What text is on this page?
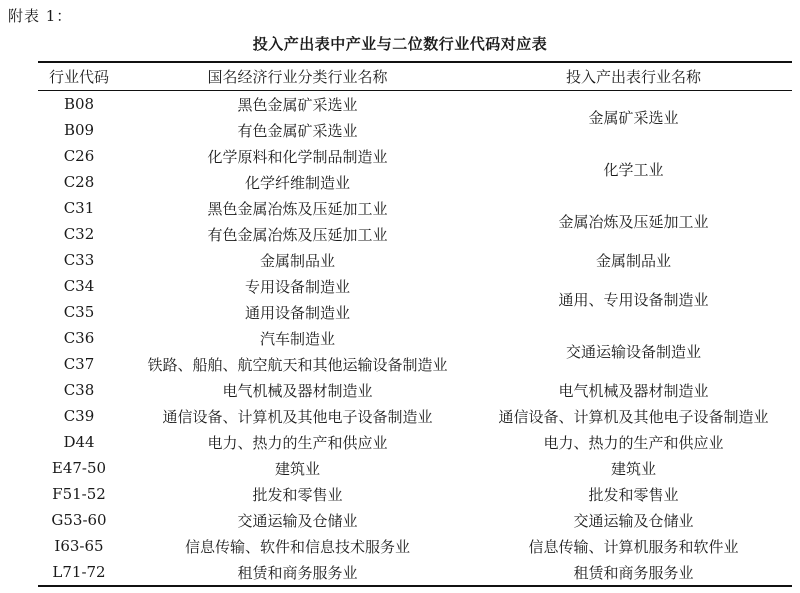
附表 1：
投入产出表中产业与二位数行业代码对应表
行业代码	国名经济行业分类行业名称	投入产出表行业名称
B08	黑色金属矿采选业	金属矿采选业
B09	有色金属矿采选业	
C26	化学原料和化学制品制造业	化学工业
C28	化学纤维制造业	
C31	黑色金属冶炼及压延加工业	金属冶炼及压延加工业
C32	有色金属冶炼及压延加工业	
C33	金属制品业	金属制品业
C34	专用设备制造业	通用、专用设备制造业
C35	通用设备制造业	
C36	汽车制造业	交通运输设备制造业
C37	铁路、船舶、航空航天和其他运输设备制造业	
C38	电气机械及器材制造业	电气机械及器材制造业
C39	通信设备、计算机及其他电子设备制造业	通信设备、计算机及其他电子设备制造业
D44	电力、热力的生产和供应业	电力、热力的生产和供应业
E47-50	建筑业	建筑业
F51-52	批发和零售业	批发和零售业
G53-60	交通运输及仓储业	交通运输及仓储业
I63-65	信息传输、软件和信息技术服务业	信息传输、计算机服务和软件业
L71-72	租赁和商务服务业	租赁和商务服务业
